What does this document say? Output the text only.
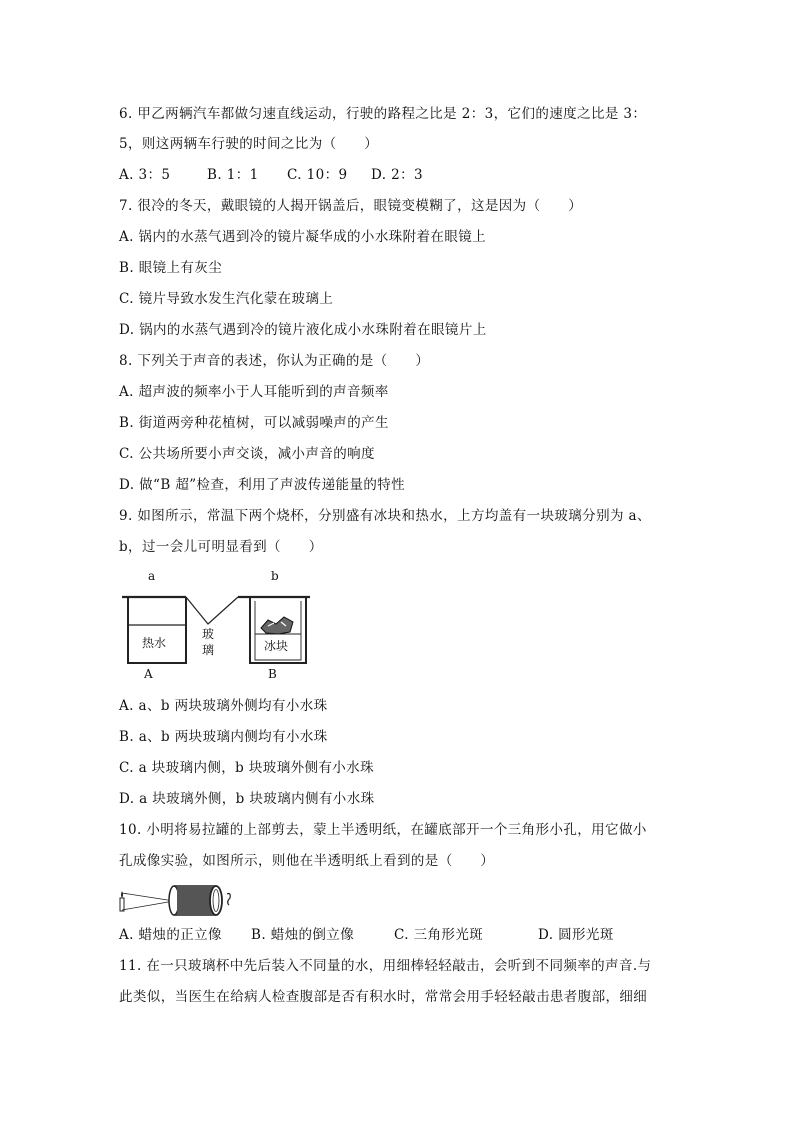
6. 甲乙两辆汽车都做匀速直线运动，行驶的路程之比是 2：3，它们的速度之比是 3：
5，则这两辆车行驶的时间之比为（　　）
A. 3：5	B. 1：1 C. 10：9 D. 2：3
7. 很冷的冬天，戴眼镜的人揭开锅盖后，眼镜变模糊了，这是因为（　　）
A. 锅内的水蒸气遇到冷的镜片凝华成的小水珠附着在眼镜上
B. 眼镜上有灰尘
C. 镜片导致水发生汽化蒙在玻璃上
D. 锅内的水蒸气遇到冷的镜片液化成小水珠附着在眼镜片上
8. 下列关于声音的表述，你认为正确的是（　　）
A. 超声波的频率小于人耳能听到的声音频率
B. 街道两旁种花植树，可以减弱噪声的产生
C. 公共场所要小声交谈，减小声音的响度
D. 做“B 超”检查，利用了声波传递能量的特性
9. 如图所示，常温下两个烧杯，分别盛有冰块和热水，上方均盖有一块玻璃分别为 a、
b，过一会儿可明显看到（　　）
a	b
热水	冰块
玻
璃
A	B
A. a、b 两块玻璃外侧均有小水珠
B. a、b 两块玻璃内侧均有小水珠
C. a 块玻璃内侧，b 块玻璃外侧有小水珠
D. a 块玻璃外侧，b 块玻璃内侧有小水珠
10. 小明将易拉罐的上部剪去，蒙上半透明纸，在罐底部开一个三角形小孔，用它做小
孔成像实验，如图所示，则他在半透明纸上看到的是（　　）
A. 蜡烛的正立像 B. 蜡烛的倒立像	C. 三角形光斑	D. 圆形光斑
11. 在一只玻璃杯中先后装入不同量的水，用细棒轻轻敲击，会听到不同频率的声音.与
此类似，当医生在给病人检查腹部是否有积水时，常常会用手轻轻敲击患者腹部，细细
